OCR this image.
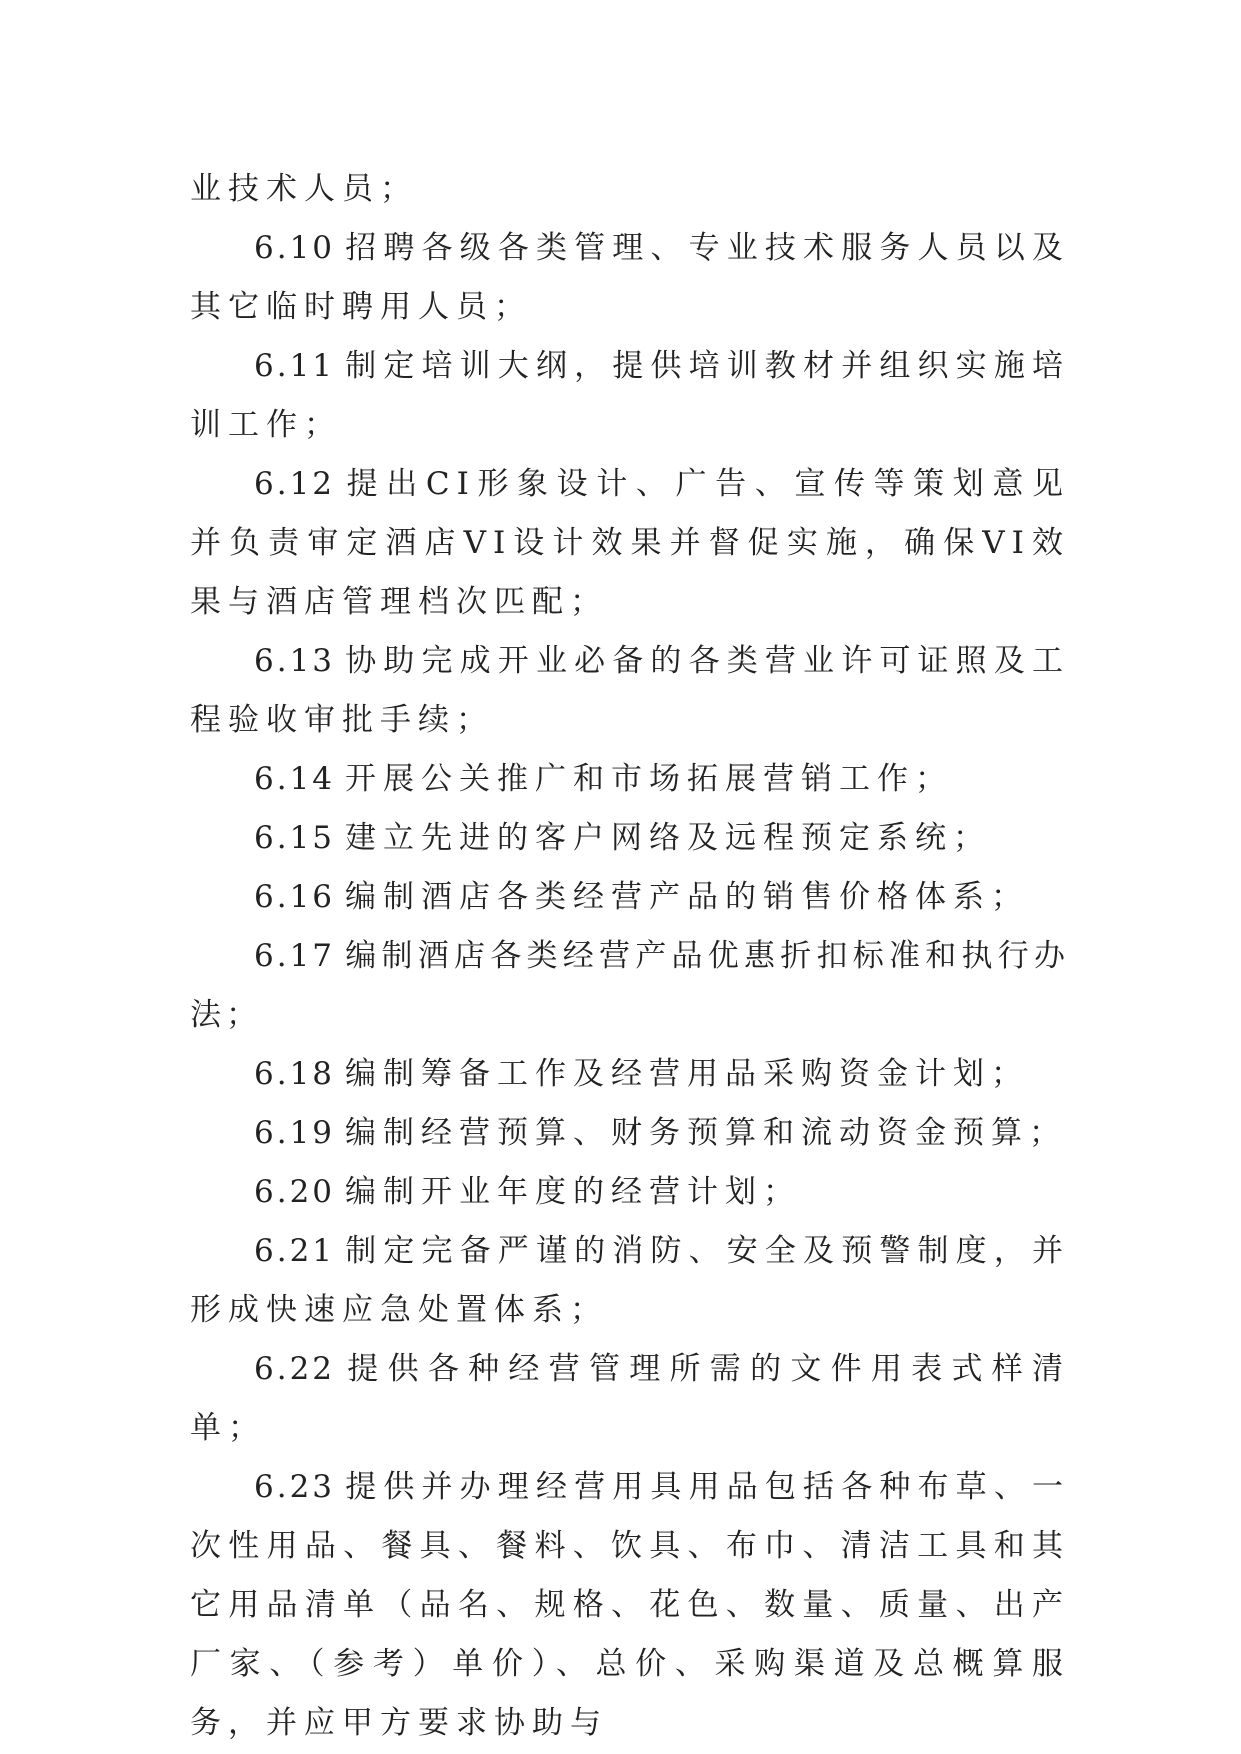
业技术人员；

6.10 招聘各级各类管理、专业技术服务人员以及其它临时聘用人员；

6.11 制定培训大纲，提供培训教材并组织实施培训工作；

6.12 提出CI形象设计、广告、宣传等策划意见并负责审定酒店VI设计效果并督促实施，确保VI效果与酒店管理档次匹配；

6.13 协助完成开业必备的各类营业许可证照及工程验收审批手续；

6.14 开展公关推广和市场拓展营销工作；

6.15 建立先进的客户网络及远程预定系统；

6.16 编制酒店各类经营产品的销售价格体系；

6.17 编制酒店各类经营产品优惠折扣标准和执行办法；

6.18 编制筹备工作及经营用品采购资金计划；

6.19 编制经营预算、财务预算和流动资金预算；

6.20 编制开业年度的经营计划；

6.21 制定完备严谨的消防、安全及预警制度，并形成快速应急处置体系；

6.22 提供各种经营管理所需的文件用表式样清单；

6.23 提供并办理经营用具用品包括各种布草、一次性用品、餐具、餐料、饮具、布巾、清洁工具和其它用品清单（品名、规格、花色、数量、质量、出产厂家、（参考）单价）、总价、采购渠道及总概算服务，并应甲方要求协助与
